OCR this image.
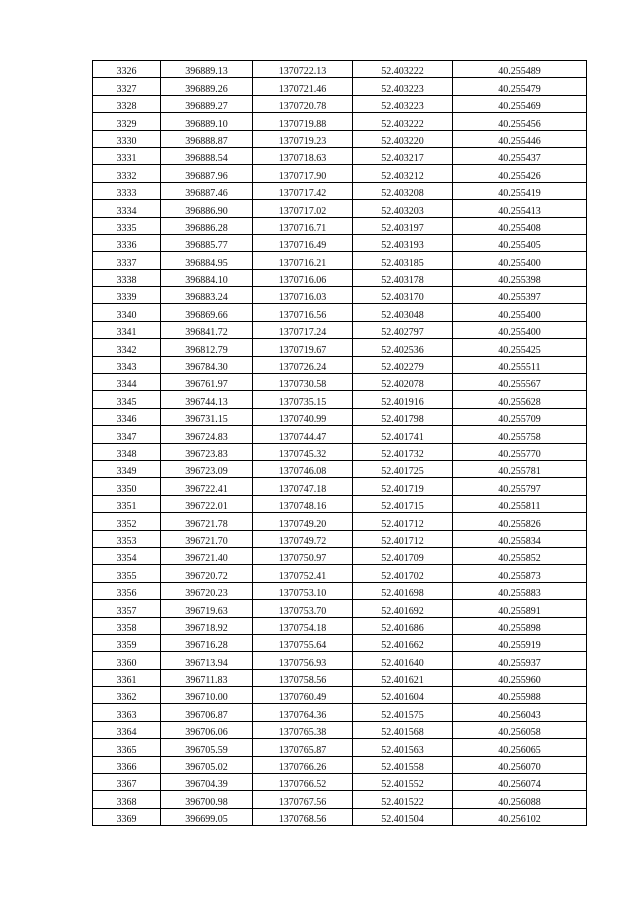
3326	396889.13	1370722.13	52.403222	40.255489
3327	396889.26	1370721.46	52.403223	40.255479
3328	396889.27	1370720.78	52.403223	40.255469
3329	396889.10	1370719.88	52.403222	40.255456
3330	396888.87	1370719.23	52.403220	40.255446
3331	396888.54	1370718.63	52.403217	40.255437
3332	396887.96	1370717.90	52.403212	40.255426
3333	396887.46	1370717.42	52.403208	40.255419
3334	396886.90	1370717.02	52.403203	40.255413
3335	396886.28	1370716.71	52.403197	40.255408
3336	396885.77	1370716.49	52.403193	40.255405
3337	396884.95	1370716.21	52.403185	40.255400
3338	396884.10	1370716.06	52.403178	40.255398
3339	396883.24	1370716.03	52.403170	40.255397
3340	396869.66	1370716.56	52.403048	40.255400
3341	396841.72	1370717.24	52.402797	40.255400
3342	396812.79	1370719.67	52.402536	40.255425
3343	396784.30	1370726.24	52.402279	40.255511
3344	396761.97	1370730.58	52.402078	40.255567
3345	396744.13	1370735.15	52.401916	40.255628
3346	396731.15	1370740.99	52.401798	40.255709
3347	396724.83	1370744.47	52.401741	40.255758
3348	396723.83	1370745.32	52.401732	40.255770
3349	396723.09	1370746.08	52.401725	40.255781
3350	396722.41	1370747.18	52.401719	40.255797
3351	396722.01	1370748.16	52.401715	40.255811
3352	396721.78	1370749.20	52.401712	40.255826
3353	396721.70	1370749.72	52.401712	40.255834
3354	396721.40	1370750.97	52.401709	40.255852
3355	396720.72	1370752.41	52.401702	40.255873
3356	396720.23	1370753.10	52.401698	40.255883
3357	396719.63	1370753.70	52.401692	40.255891
3358	396718.92	1370754.18	52.401686	40.255898
3359	396716.28	1370755.64	52.401662	40.255919
3360	396713.94	1370756.93	52.401640	40.255937
3361	396711.83	1370758.56	52.401621	40.255960
3362	396710.00	1370760.49	52.401604	40.255988
3363	396706.87	1370764.36	52.401575	40.256043
3364	396706.06	1370765.38	52.401568	40.256058
3365	396705.59	1370765.87	52.401563	40.256065
3366	396705.02	1370766.26	52.401558	40.256070
3367	396704.39	1370766.52	52.401552	40.256074
3368	396700.98	1370767.56	52.401522	40.256088
3369	396699.05	1370768.56	52.401504	40.256102
